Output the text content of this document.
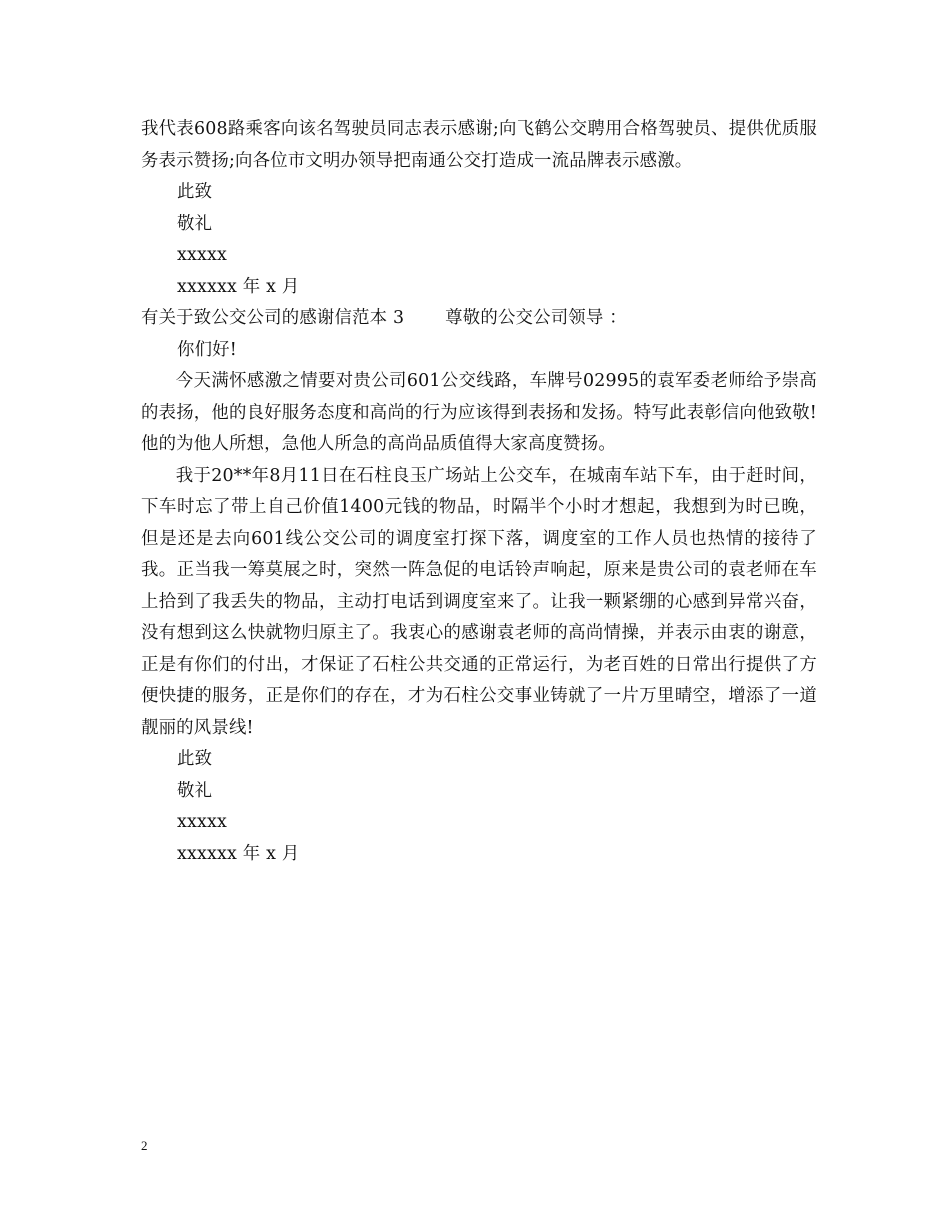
我代表608路乘客向该名驾驶员同志表示感谢;向飞鹤公交聘用合格驾驶员、提供优质服务表示赞扬;向各位市文明办领导把南通公交打造成一流品牌表示感激。

此致
敬礼
xxxxx
xxxxxx 年 x 月
有关于致公交公司的感谢信范本 3　　 尊敬的公交公司领导 ：
你们好!

今天满怀感激之情要对贵公司601公交线路，车牌号02995的袁军委老师给予崇高的表扬，他的良好服务态度和高尚的行为应该得到表扬和发扬。特写此表彰信向他致敬!他的为他人所想，急他人所急的高尚品质值得大家高度赞扬。

我于20**年8月11日在石柱良玉广场站上公交车，在城南车站下车，由于赶时间，下车时忘了带上自己价值1400元钱的物品，时隔半个小时才想起，我想到为时已晚，但是还是去向601线公交公司的调度室打探下落，调度室的工作人员也热情的接待了我。正当我一筹莫展之时，突然一阵急促的电话铃声响起，原来是贵公司的袁老师在车上拾到了我丢失的物品，主动打电话到调度室来了。让我一颗紧绷的心感到异常兴奋，没有想到这么快就物归原主了。我衷心的感谢袁老师的高尚情操，并表示由衷的谢意，正是有你们的付出，才保证了石柱公共交通的正常运行，为老百姓的日常出行提供了方便快捷的服务，正是你们的存在，才为石柱公交事业铸就了一片万里晴空，增添了一道靓丽的风景线!

此致
敬礼
xxxxx
xxxxxx 年 x 月
2
